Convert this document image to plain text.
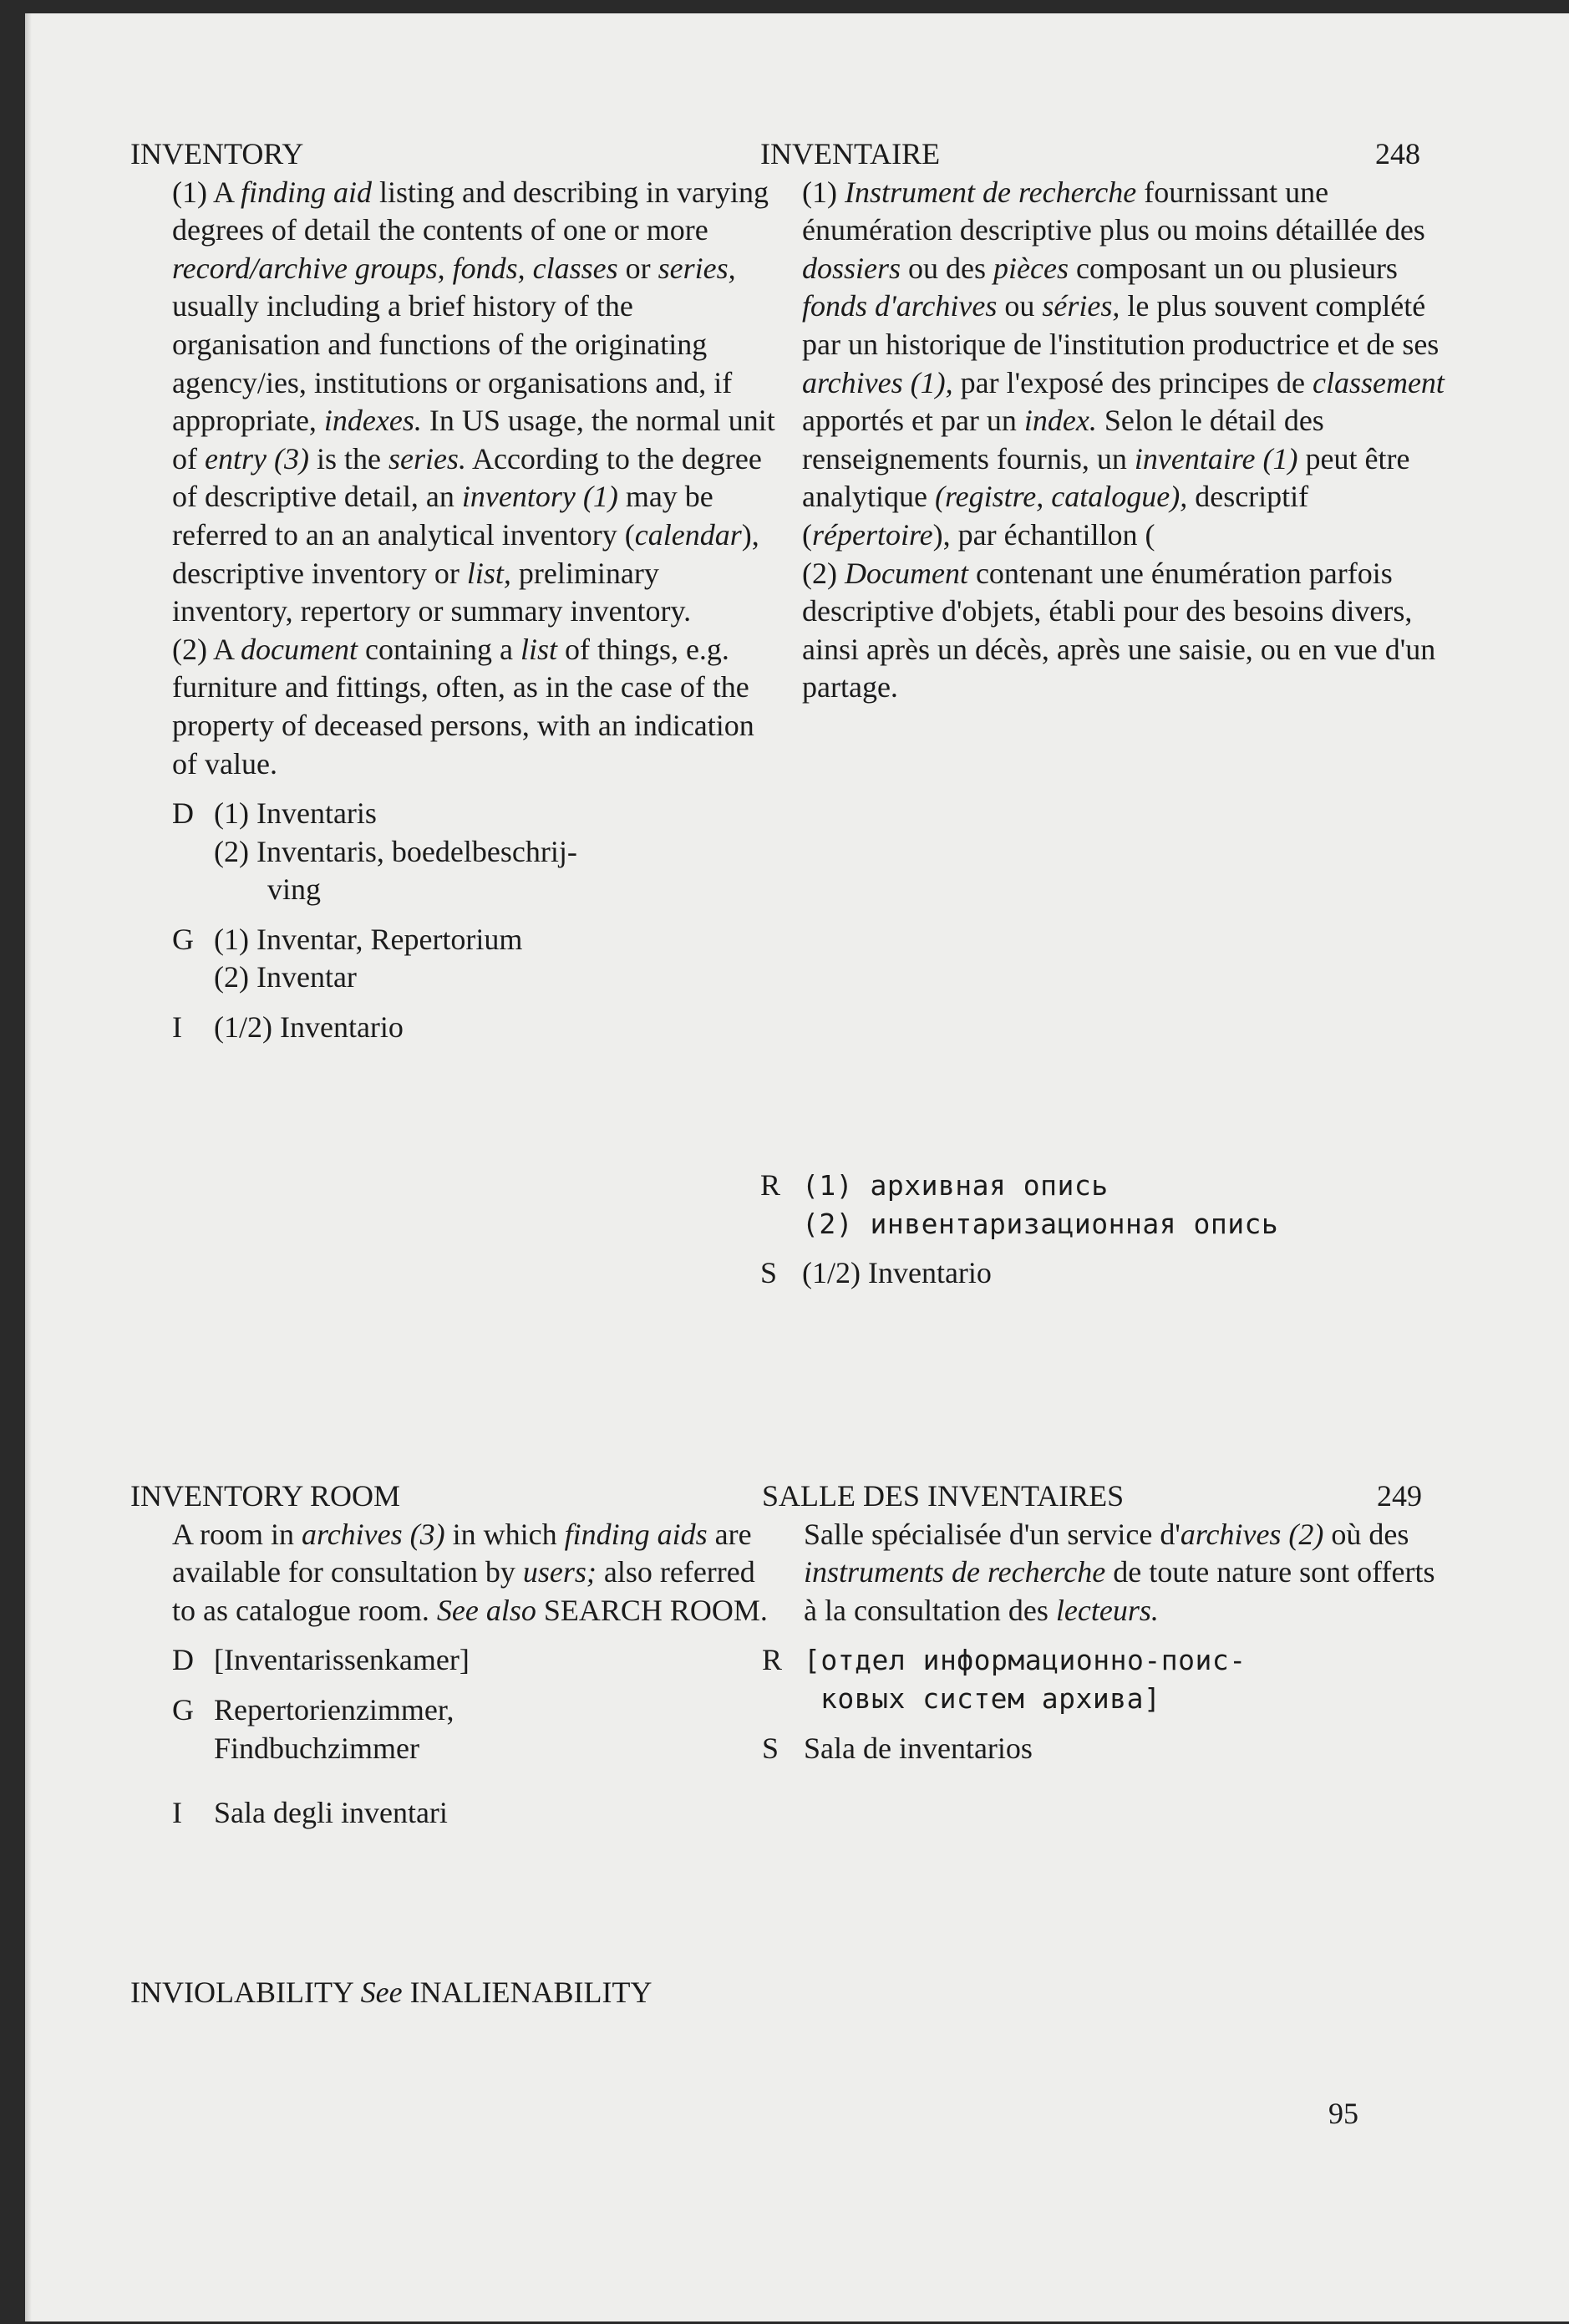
INVENTORY

(1) A finding aid listing and describing in varying degrees of detail the contents of one or more record/archive groups, fonds, classes or series, usually including a brief history of the organisation and functions of the originating agency/ies, institutions or organisations and, if appropriate, indexes. In US usage, the normal unit of entry (3) is the series. According to the degree of descriptive detail, an inventory (1) may be referred to an an analytical inventory (calendar), descriptive inventory or list, preliminary inventory, repertory or summary inventory.

(2) A document containing a list of things, e.g. furniture and fittings, often, as in the case of the property of deceased persons, with an indication of value.

D (1) Inventaris
(2) Inventaris, boedelbeschrij-
ving
G (1) Inventar, Repertorium
(2) Inventar
I	(1/2) Inventario
INVENTAIRE	248

(1) Instrument de recherche fournissant une énumération descriptive plus ou moins détaillée des dossiers ou des pièces composant un ou plusieurs fonds d'archives ou séries, le plus souvent complété par un historique de l'institution productrice et de ses archives (1), par l'exposé des principes de classement apportés et par un index. Selon le détail des renseignements fournis, un inventaire (1) peut être analytique (registre, catalogue), descriptif (répertoire), par échantillon (

(2) Document contenant une énumération parfois descriptive d'objets, établi pour des besoins divers, ainsi après un décès, après une saisie, ou en vue d'un partage.

R (1) архивная опись
(2) инвентаризационная опись
S (1/2) Inventario
INVENTORY ROOM

A room in archives (3) in which finding aids are available for consultation by users; also referred to as catalogue room. See also SEARCH ROOM.

D [Inventarissenkamer]
G Repertorienzimmer,
Findbuchzimmer
I	Sala degli inventari
SALLE DES INVENTAIRES	249

Salle spécialisée d'un service d'archives (2) où des instruments de recherche de toute nature sont offerts à la consultation des lecteurs.

R [отдел информационно-поис-
ковых систем архива]
S Sala de inventarios
INVIOLABILITY See INALIENABILITY
95
